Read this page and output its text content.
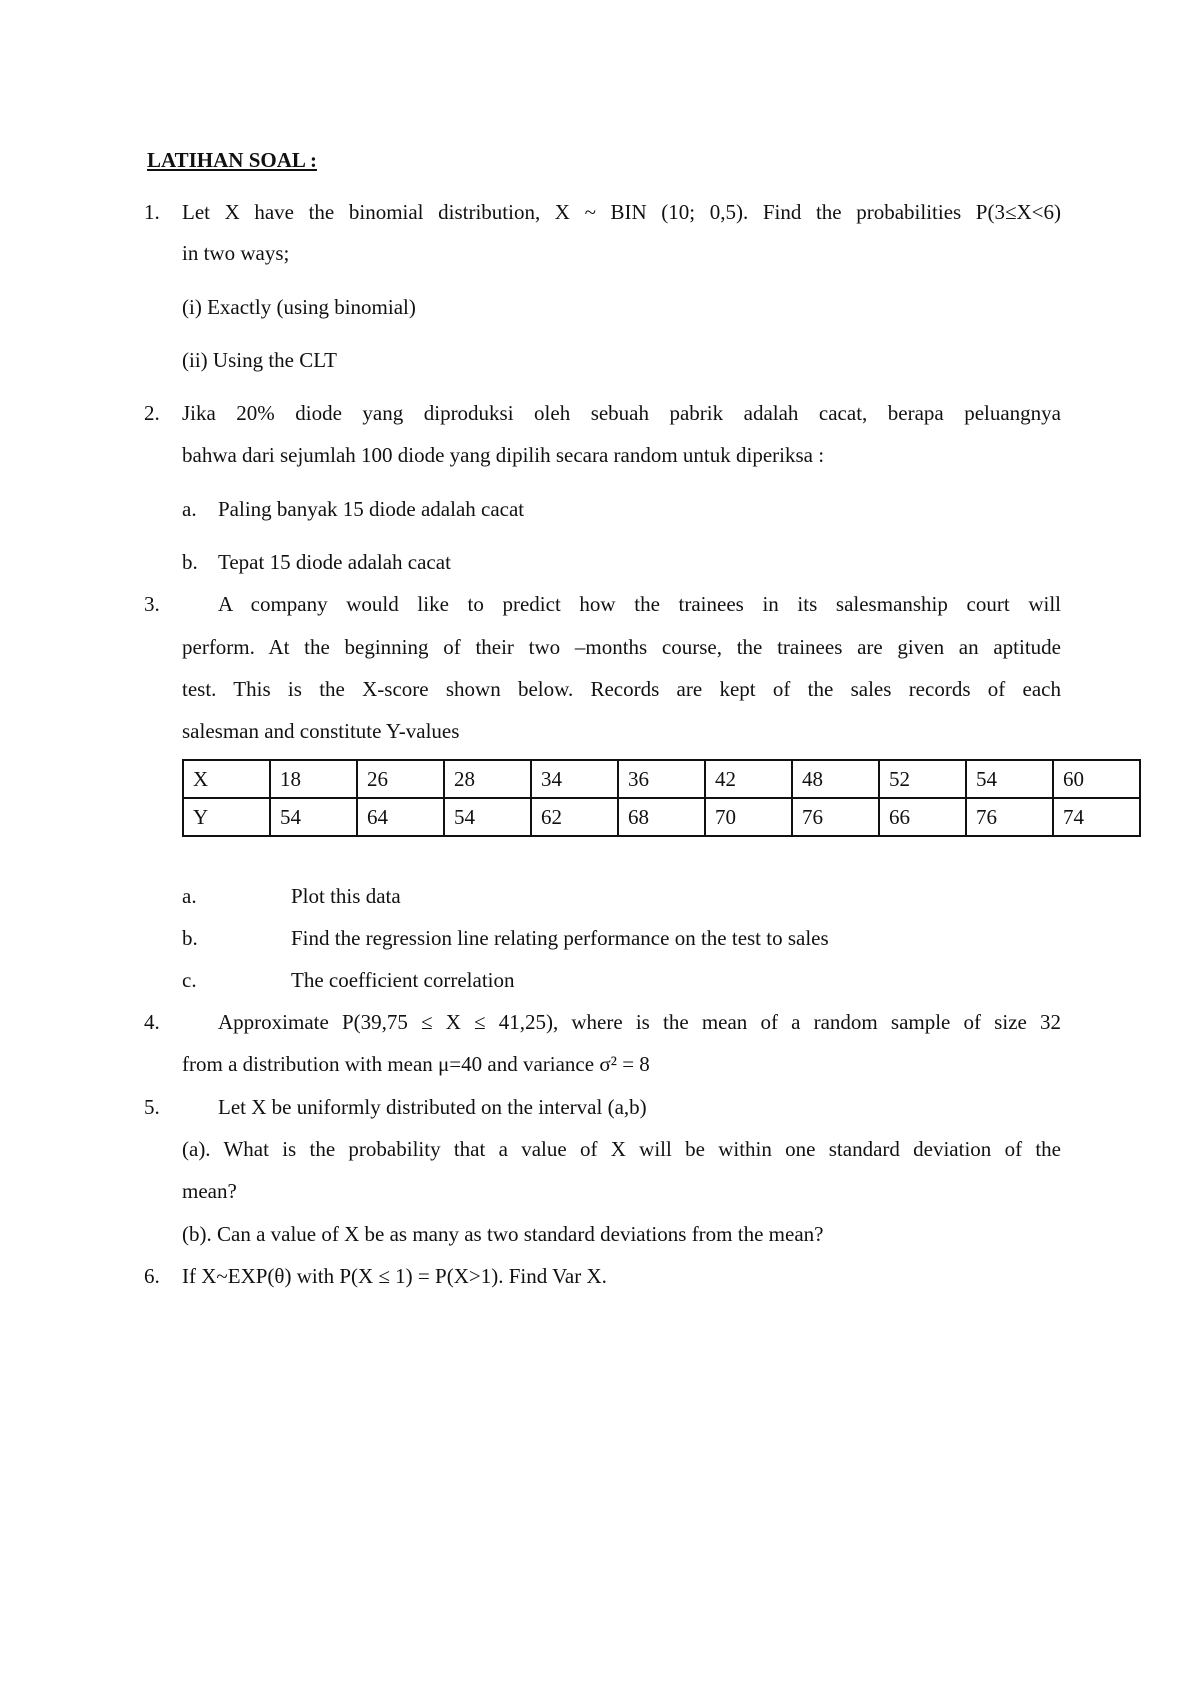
LATIHAN SOAL :
1. Let X have the binomial distribution, X ~ BIN (10; 0,5). Find the probabilities P(3≤X<6)
in two ways;
(i) Exactly (using binomial)
(ii) Using the CLT
2. Jika 20% diode yang diproduksi oleh sebuah pabrik adalah cacat, berapa peluangnya
bahwa dari sejumlah 100 diode yang dipilih secara random untuk diperiksa :
a. Paling banyak 15 diode adalah cacat
b. Tepat 15 diode adalah cacat
3.	A company would like to predict how the trainees in its salesmanship court will
perform. At the beginning of their two –months course, the trainees are given an aptitude
test. This is the X-score shown below. Records are kept of the sales records of each
salesman and constitute Y-values
X	18	26	28	34	36	42	48	52	54	60
Y	54	64	54	62	68	70	76	66	76	74
a.	Plot this data
b.	Find the regression line relating performance on the test to sales
c.	The coefficient correlation
4.	Approximate P(39,75 ≤ X ≤ 41,25), where is the mean of a random sample of size 32
from a distribution with mean μ=40 and variance σ² = 8
5.	Let X be uniformly distributed on the interval (a,b)
(a). What is the probability that a value of X will be within one standard deviation of the
mean?
(b). Can a value of X be as many as two standard deviations from the mean?
6. If X~EXP(θ) with P(X ≤ 1) = P(X>1). Find Var X.
